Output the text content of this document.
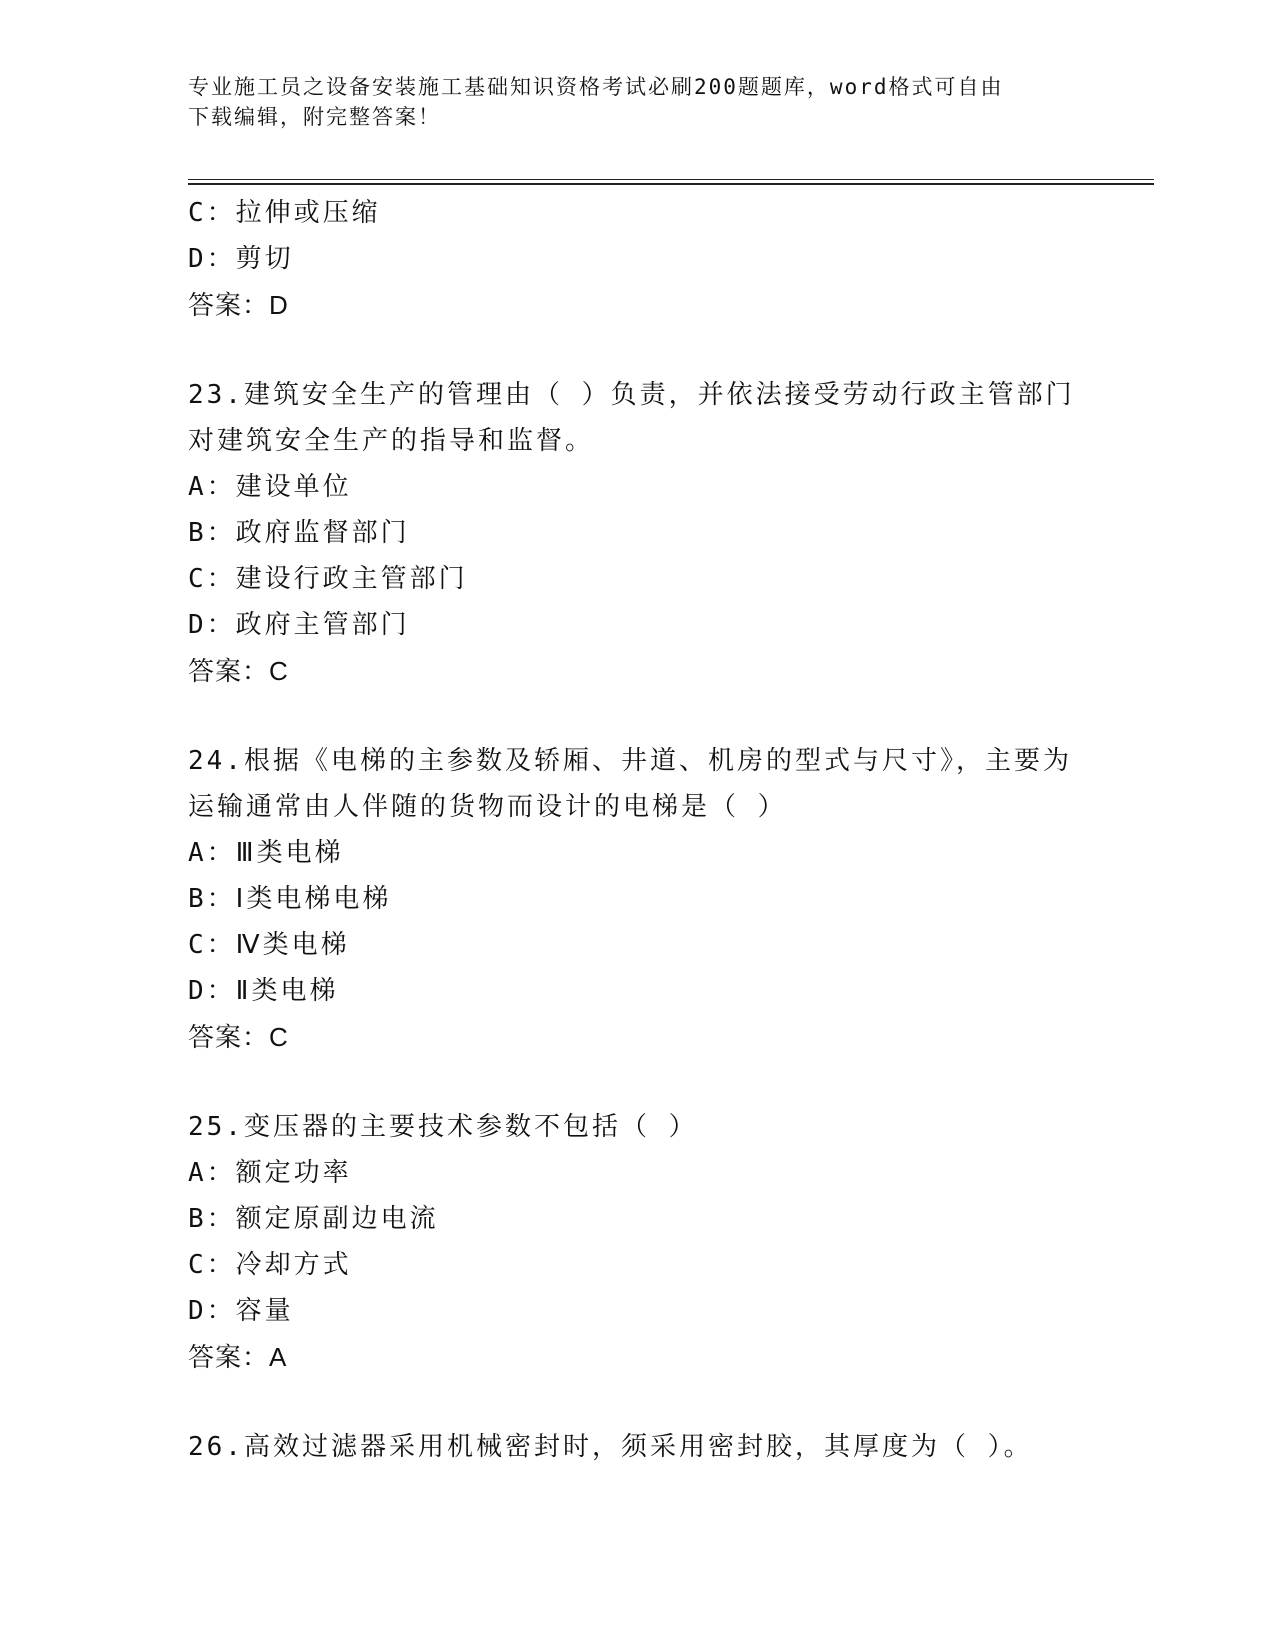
专业施工员之设备安装施工基础知识资格考试必刷200题题库，word格式可自由
下载编辑，附完整答案！
C：拉伸或压缩
D：剪切
答案：D
23.建筑安全生产的管理由（ ）负责，并依法接受劳动行政主管部门
对建筑安全生产的指导和监督。
A：建设单位
B：政府监督部门
C：建设行政主管部门
D：政府主管部门
答案：C
24.根据《电梯的主参数及轿厢、井道、机房的型式与尺寸》，主要为
运输通常由人伴随的货物而设计的电梯是（ ）
A：Ⅲ类电梯
B：Ⅰ类电梯电梯
C：Ⅳ类电梯
D：Ⅱ类电梯
答案：C
25.变压器的主要技术参数不包括（ ）
A：额定功率
B：额定原副边电流
C：冷却方式
D：容量
答案：A
26.高效过滤器采用机械密封时，须采用密封胶，其厚度为（ ）。
